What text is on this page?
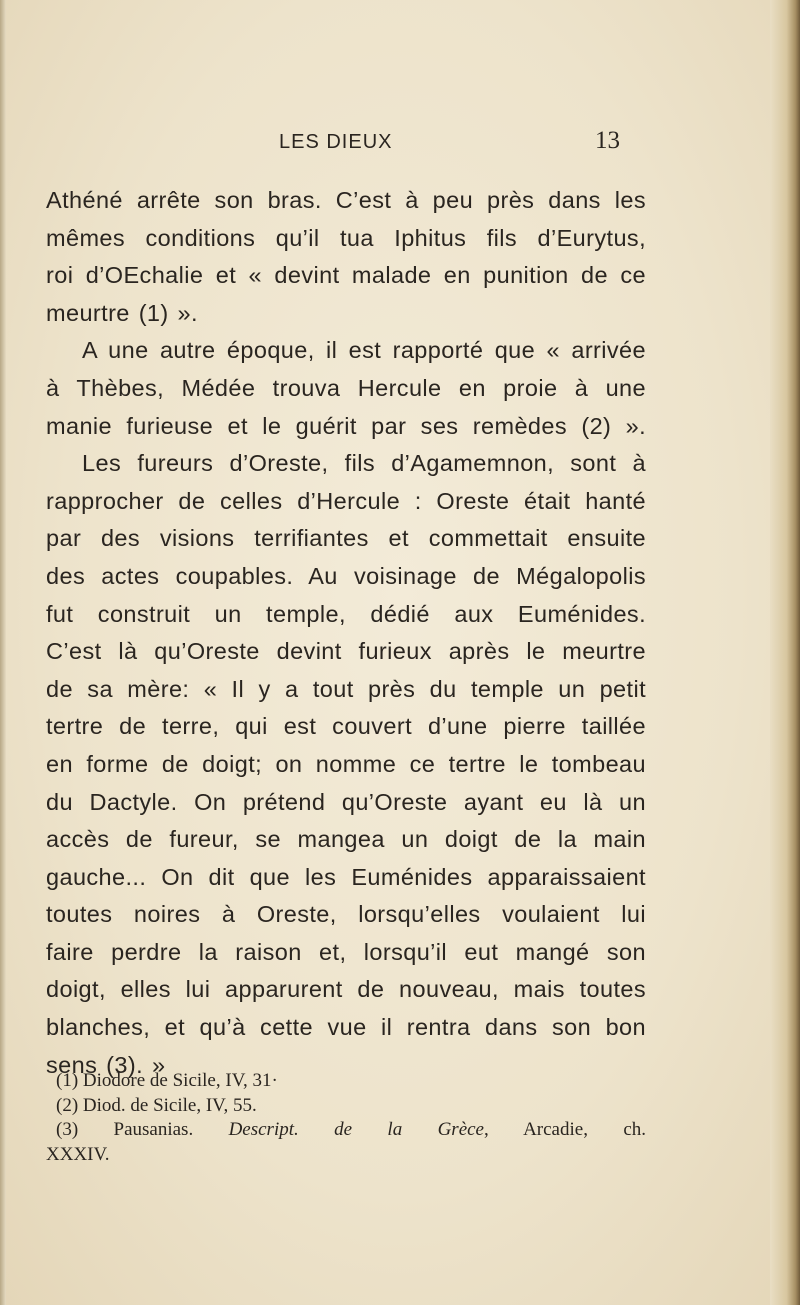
LES DIEUX	13
Athéné arrête son bras. C’est à peu près dans les
mêmes conditions qu’il tua Iphitus fils d’Eurytus,
roi d’OEchalie et « devint malade en punition de ce
meurtre (1) ».
A une autre époque, il est rapporté que « arrivée
à Thèbes, Médée trouva Hercule en proie à une
manie furieuse et le guérit par ses remèdes (2) ».
Les fureurs d’Oreste, fils d’Agamemnon, sont à
rapprocher de celles d’Hercule : Oreste était hanté
par des visions terrifiantes et commettait ensuite
des actes coupables. Au voisinage de Mégalopolis
fut construit un temple, dédié aux Euménides.
C’est là qu’Oreste devint furieux après le meurtre
de sa mère: « Il y a tout près du temple un petit
tertre de terre, qui est couvert d’une pierre taillée
en forme de doigt; on nomme ce tertre le tombeau
du Dactyle. On prétend qu’Oreste ayant eu là un
accès de fureur, se mangea un doigt de la main
gauche... On dit que les Euménides apparaissaient
toutes noires à Oreste, lorsqu’elles voulaient lui
faire perdre la raison et, lorsqu’il eut mangé son
doigt, elles lui apparurent de nouveau, mais toutes
blanches, et qu’à cette vue il rentra dans son bon
sens (3). »
(1) Diodore de Sicile, IV, 31·
(2) Diod. de Sicile, IV, 55.
(3) Pausanias. Descript. de la Grèce, Arcadie, ch.
XXXIV.
